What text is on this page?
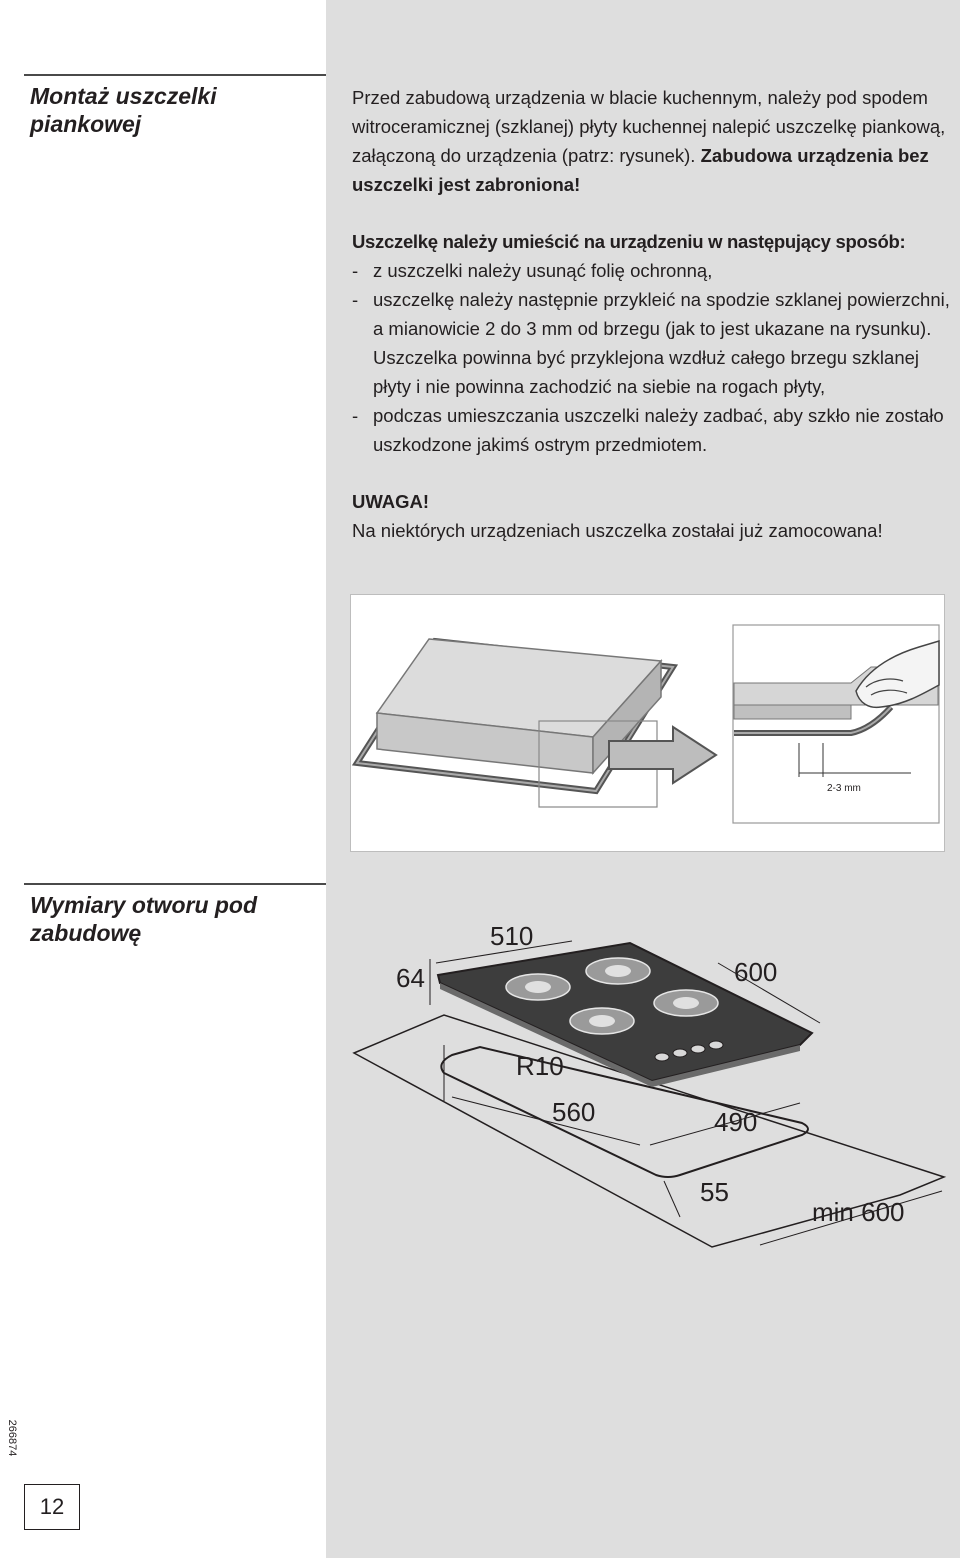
Montaż uszczelki piankowej

Przed zabudową urządzenia w blacie kuchennym, należy pod spodem witroceramicznej (szklanej) płyty kuchennej nalepić uszczelkę piankową, załączoną do urządzenia (patrz: rysunek). Zabudowa urządzenia bez uszczelki jest zabroniona!

Uszczelkę należy umieścić na urządzeniu w następujący sposób:

- z uszczelki należy usunąć folię ochronną,
- uszczelkę należy następnie przykleić na spodzie szklanej powierzchni, a mianowicie 2 do 3 mm od brzegu (jak to jest ukazane na rysunku). Uszczelka powinna być przyklejona wzdłuż całego brzegu szklanej płyty i nie powinna zachodzić na siebie na rogach płyty,
- podczas umieszczania uszczelki należy zadbać, aby szkło nie zostało uszkodzone jakimś ostrym przedmiotem.

UWAGA!

Na niektórych urządzeniach uszczelka zostałai już zamocowana!

2-3 mm
Wymiary otworu pod zabudowę	510
64	600
R10
560	490
55
min 600
266874
12
